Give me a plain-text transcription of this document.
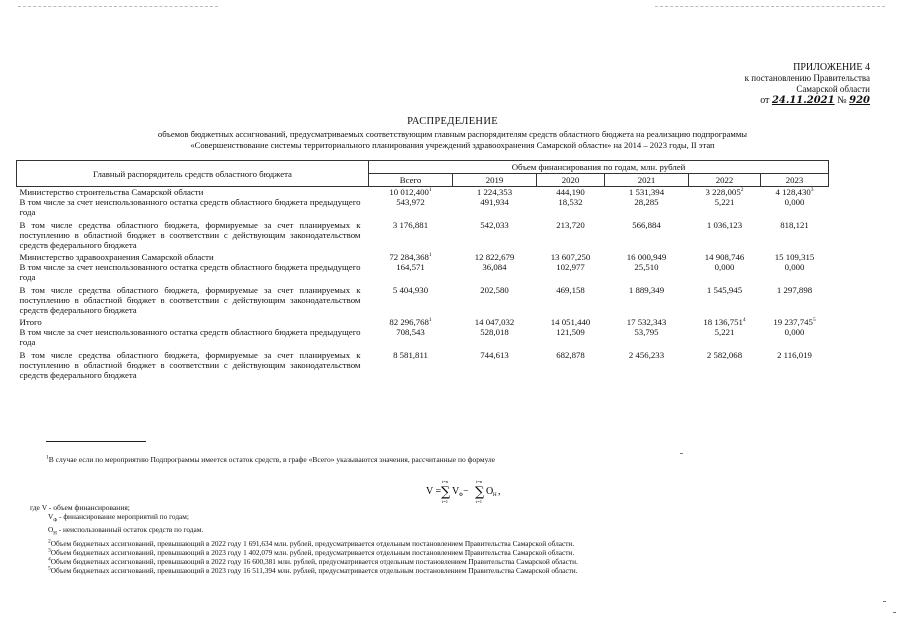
ПРИЛОЖЕНИЕ 4
к постановлению Правительства
Самарской области
от 24.11.2021 № 920
РАСПРЕДЕЛЕНИЕ
объемов бюджетных ассигнований, предусматриваемых соответствующим главным распорядителям средств областного бюджета на реализацию подпрограммы
«Совершенствование системы территориального планирования учреждений здравоохранения Самарской области» на 2014 – 2023 годы, II этап
Главный распорядитель средств областного бюджета	Объем финансирования по годам, млн. рублей					
	Всего	2019	2020	2021	2022	2023
Министерство строительства Самарской области	10 012,400$^1$	1 224,353	444,190	1 531,394	3 228,005$^2$	4 128,430$^3$
В том числе за счет неиспользованного остатка средств областного бюджета предыдущего года	543,972	491,934	18,532	28,285	5,221	0,000
В том числе средства областного бюджета, формируемые за счет планируемых к поступлению в областной бюджет в соответствии с действующим законодательством средств федерального бюджета	3 176,881	542,033	213,720	566,884	1 036,123	818,121
Министерство здравоохранения Самарской области	72 284,368$^1$	12 822,679	13 607,250	16 000,949	14 908,746	15 109,315
В том числе за счет неиспользованного остатка средств областного бюджета предыдущего года	164,571	36,084	102,977	25,510	0,000	0,000
В том числе средства областного бюджета, формируемые за счет планируемых к поступлению в областной бюджет в соответствии с действующим законодательством средств федерального бюджета	5 404,930	202,580	469,158	1 889,349	1 545,945	1 297,898
Итого	82 296,768$^1$	14 047,032	14 051,440	17 532,343	18 136,751$^4$	19 237,745$^5$
В том числе за счет неиспользованного остатка средств областного бюджета предыдущего года	708,543	528,018	121,509	53,795	5,221	0,000
В том числе средства областного бюджета, формируемые за счет планируемых к поступлению в областной бюджет в соответствии с действующим законодательством средств федерального бюджета	8 581,811	744,613	682,878	2 456,233	2 582,068	2 116,019
$^1$В случае если по мероприятию Подпрограммы имеется остаток средств, в графе «Всего» указываются значения, рассчитанные по формуле
V =
i=n
∑
i=1
V Ф −
i=n
∑
i=1
O Н ,
где V - объем финансирования;
$V_Ф$ - финансирование мероприятий по годам;
$O_Н$ - неиспользованный остаток средств по годам.
$^2$Объем бюджетных ассигнований, превышающий в 2022 году 1 691,634 млн. рублей, предусматривается отдельным постановлением Правительства Самарской области.
$^3$Объем бюджетных ассигнований, превышающий в 2023 году 1 402,079 млн. рублей, предусматривается отдельным постановлением Правительства Самарской области.
$^4$Объем бюджетных ассигнований, превышающий в 2022 году 16 600,381 млн. рублей, предусматривается отдельным постановлением Правительства Самарской области.
$^5$Объем бюджетных ассигнований, превышающий в 2023 году 16 511,394 млн. рублей, предусматривается отдельным постановлением Правительства Самарской области.
